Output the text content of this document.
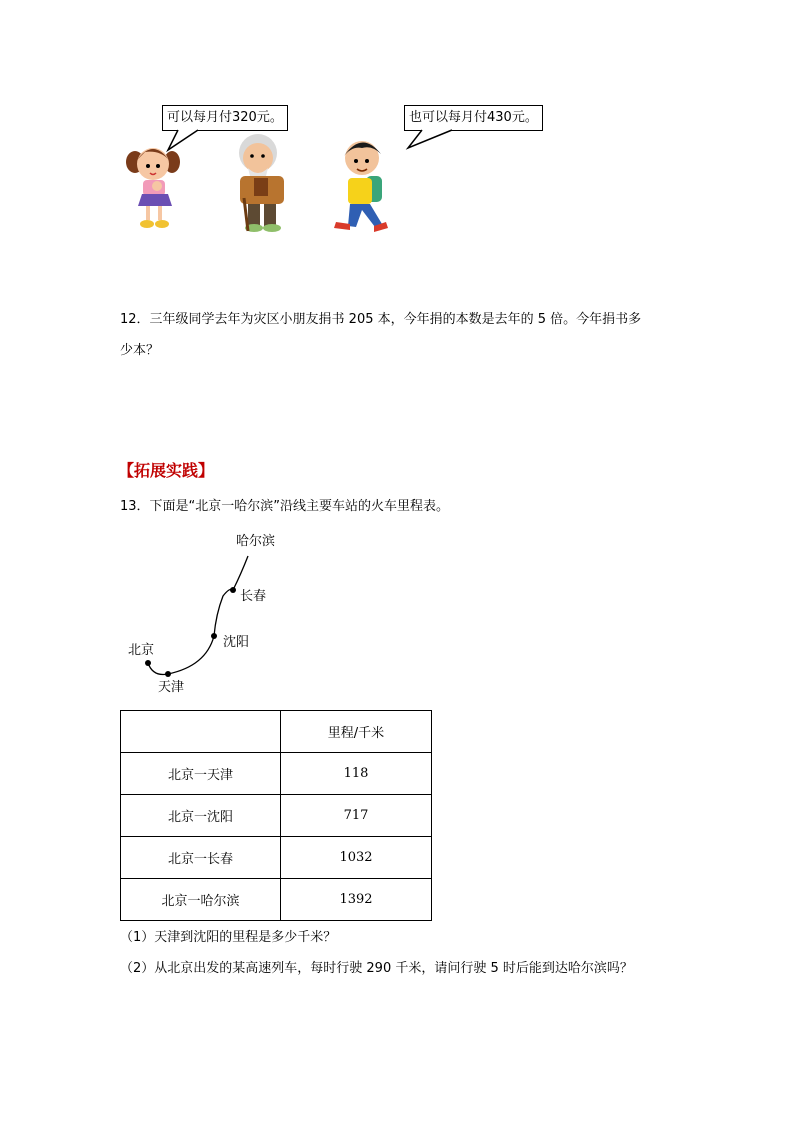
可以每月付320元。	也可以每月付430元。
12．三年级同学去年为灾区小朋友捐书 205 本，今年捐的本数是去年的 5 倍。今年捐书多
少本？
【拓展实践】
13．下面是“北京一哈尔滨”沿线主要车站的火车里程表。
哈尔滨
长春
沈阳
北京
天津
	里程/千米
北京一天津	118
北京一沈阳	717
北京一长春	1032
北京一哈尔滨	1392
（1）天津到沈阳的里程是多少千米？
（2）从北京出发的某高速列车，每时行驶 290 千米，请问行驶 5 时后能到达哈尔滨吗？
